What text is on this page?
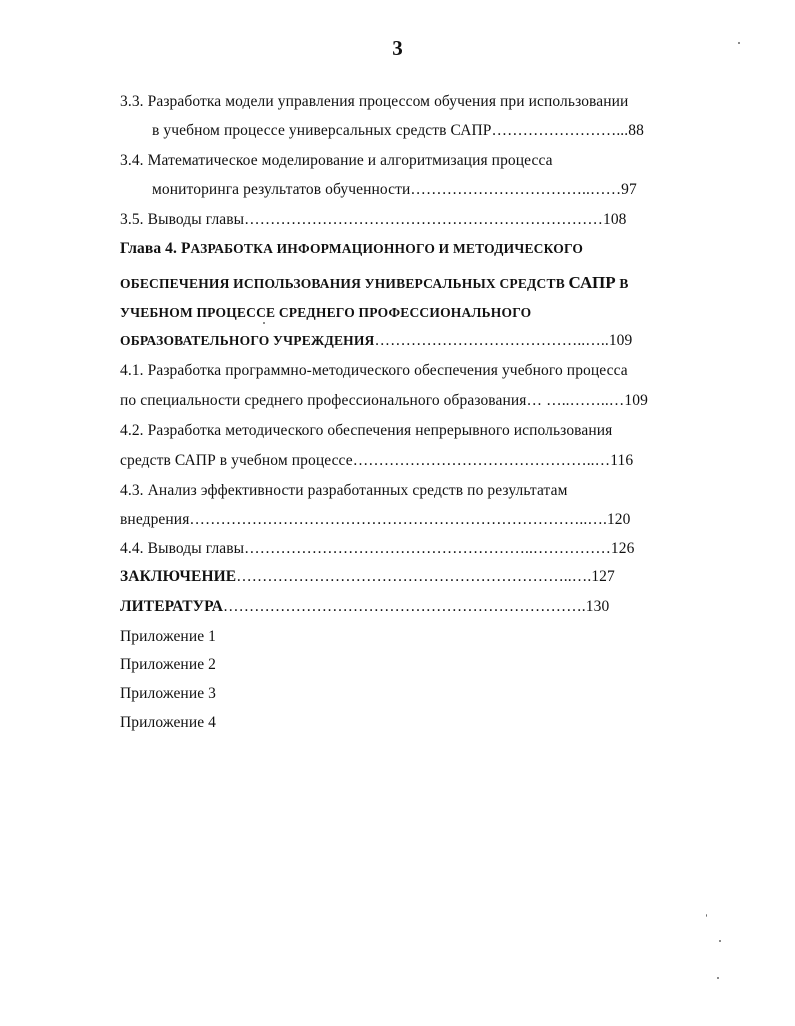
3
3.3. Разработка модели управления процессом обучения при использовании
в учебном процессе универсальных средств САПР……………………...88
3.4. Математическое моделирование и алгоритмизация процесса
мониторинга результатов обученности……………………………..……97
3.5. Выводы главы……………………………………………………………108
Глава 4. РАЗРАБОТКА ИНФОРМАЦИОННОГО И МЕТОДИЧЕСКОГО
ОБЕСПЕЧЕНИЯ ИСПОЛЬЗОВАНИЯ УНИВЕРСАЛЬНЫХ СРЕДСТВ САПР В
УЧЕБНОМ ПРОЦЕССЕ СРЕДНЕГО ПРОФЕССИОНАЛЬНОГО
ОБРАЗОВАТЕЛЬНОГО УЧРЕЖДЕНИЯ…………………………………..…..109
4.1. Разработка программно-методического обеспечения учебного процесса
по специальности среднего профессионального образования… …..……..…109
4.2. Разработка методического обеспечения непрерывного использования
средств САПР в учебном процессе………………………………………..…116
4.3. Анализ эффективности разработанных средств по результатам
внедрения…………………………………………………………………..….120
4.4. Выводы главы………………………………………………..……………126
ЗАКЛЮЧЕНИЕ………………………………………………………..….127
ЛИТЕРАТУРА…………………………………………………………….130
Приложение 1
Приложение 2
Приложение 3
Приложение 4
